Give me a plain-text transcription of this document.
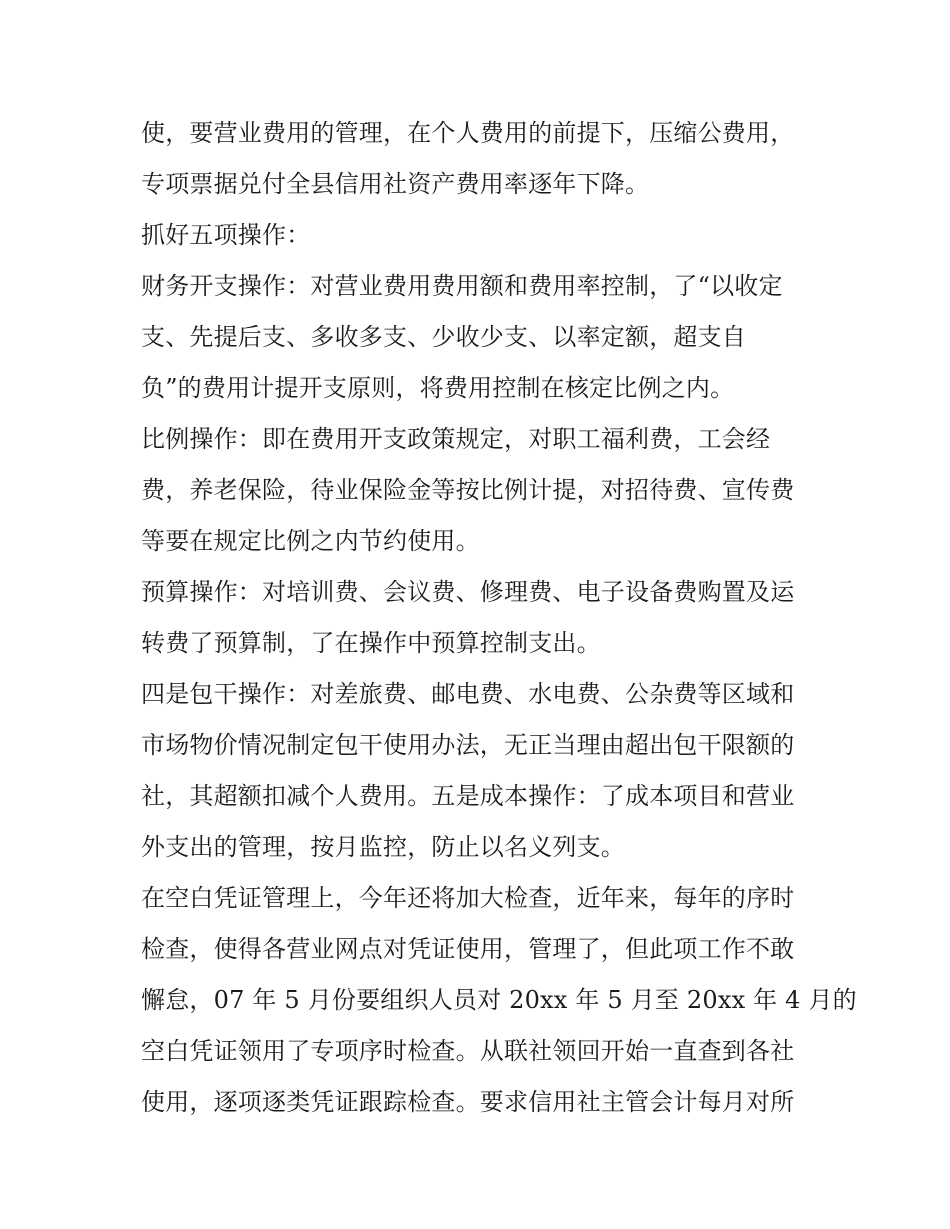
使，要营业费用的管理，在个人费用的前提下，压缩公费用，
专项票据兑付全县信用社资产费用率逐年下降。
抓好五项操作：
财务开支操作：对营业费用费用额和费用率控制，了“以收定
支、先提后支、多收多支、少收少支、以率定额，超支自
负”的费用计提开支原则，将费用控制在核定比例之内。
比例操作：即在费用开支政策规定，对职工福利费，工会经
费，养老保险，待业保险金等按比例计提，对招待费、宣传费
等要在规定比例之内节约使用。
预算操作：对培训费、会议费、修理费、电子设备费购置及运
转费了预算制，了在操作中预算控制支出。
四是包干操作：对差旅费、邮电费、水电费、公杂费等区域和
市场物价情况制定包干使用办法，无正当理由超出包干限额的
社，其超额扣减个人费用。五是成本操作：了成本项目和营业
外支出的管理，按月监控，防止以名义列支。
在空白凭证管理上，今年还将加大检查，近年来，每年的序时
检查，使得各营业网点对凭证使用，管理了，但此项工作不敢
懈怠，07 年 5 月份要组织人员对 20xx 年 5 月至 20xx 年 4 月的
空白凭证领用了专项序时检查。从联社领回开始一直查到各社
使用，逐项逐类凭证跟踪检查。要求信用社主管会计每月对所
